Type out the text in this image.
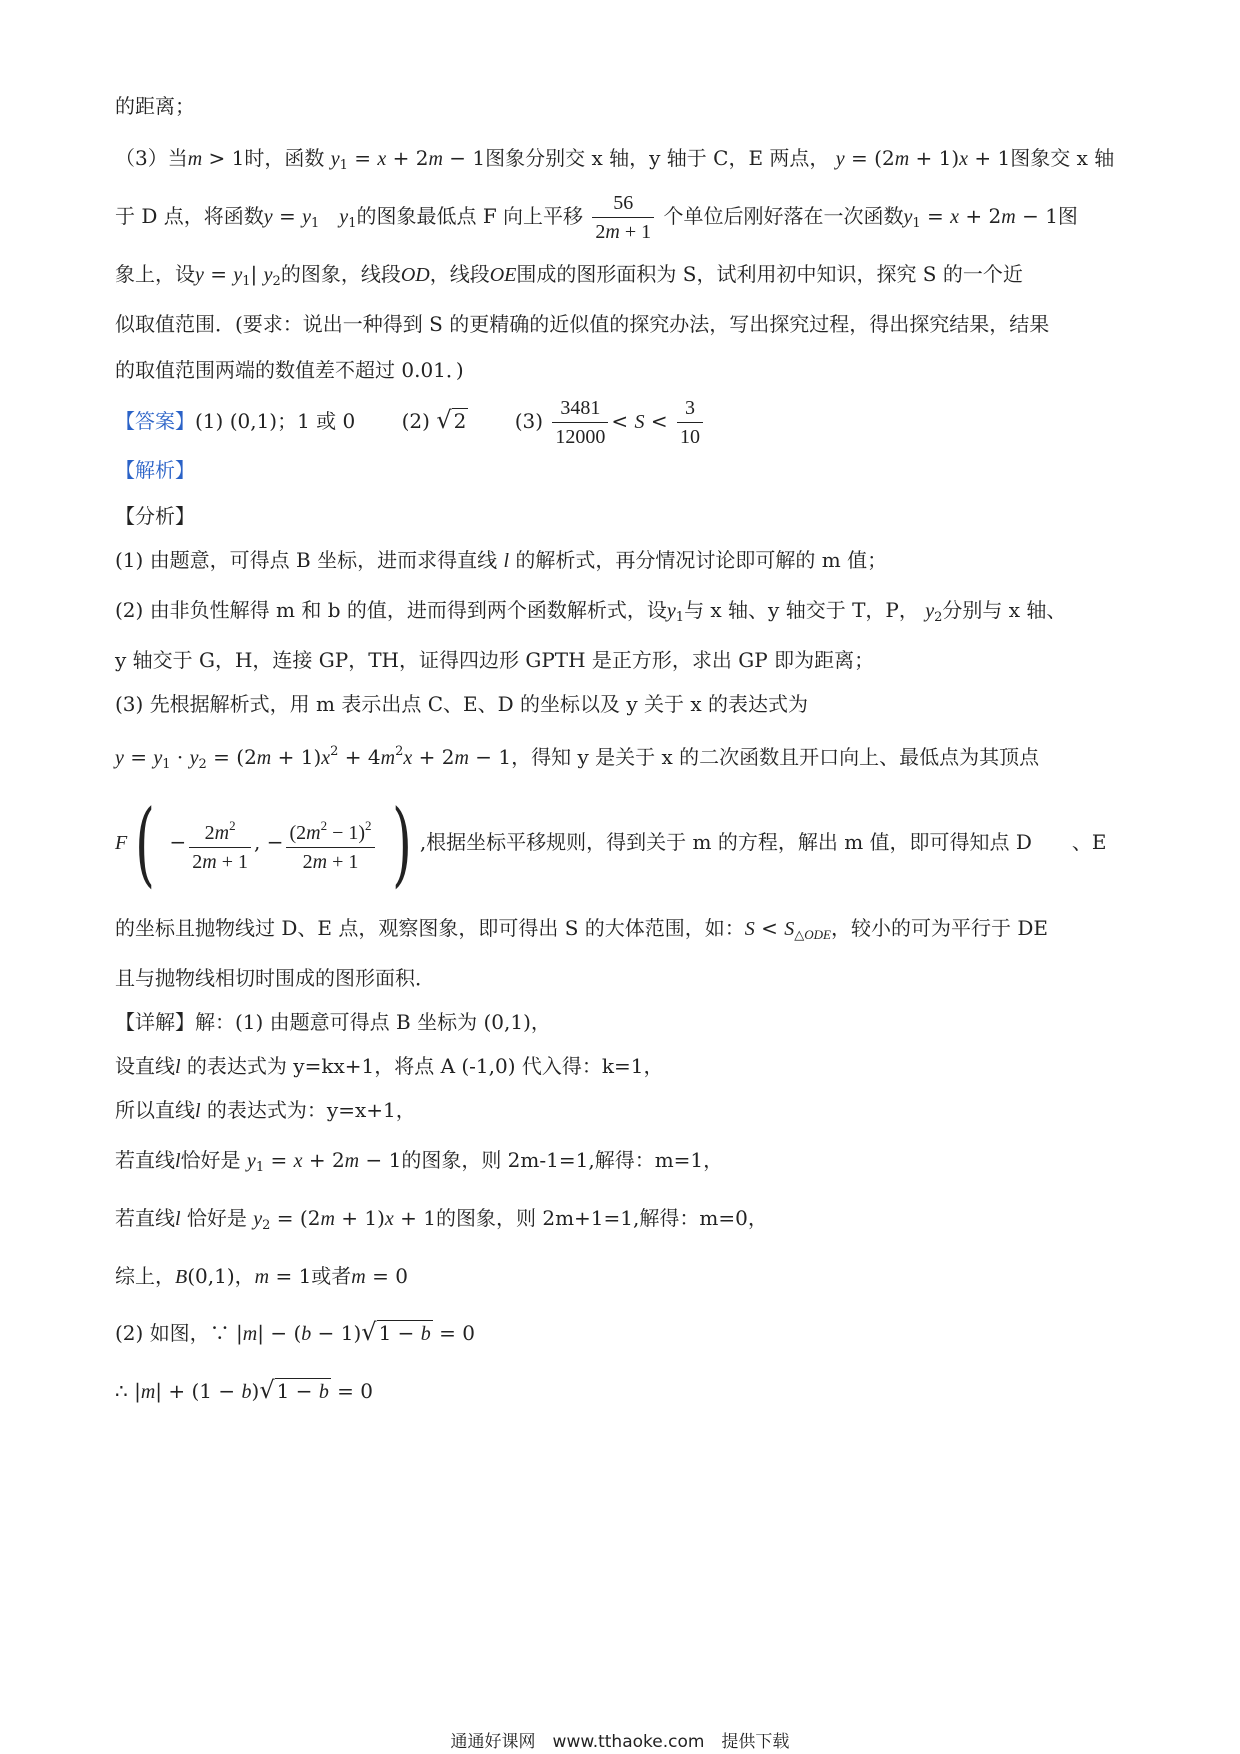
的距离；
（3）当m > 1时，函数 $y_1 = x + 2m - 1$图象分别交 x 轴，y 轴于 C，E 两点， y = (2m + 1)x + 1图象交 x 轴
于 D 点，将函数$y = y_1$　 $y_1$的图象最低点 F 向上平移 $\frac{56}{2m + 1}$ 个单位后刚好落在一次函数$y_1 = x + 2m - 1$图
象上，设$y = y_1|$ $y_2$的图象，线段OD，线段OE围成的图形面积为 S，试利用初中知识，探究 S 的一个近
似取值范围．(要求：说出一种得到 S 的更精确的近似值的探究办法，写出探究过程，得出探究结果，结果
的取值范围两端的数值差不超过 0.01．)
【答案】(1) (0,1)；1 或 0 　　 (2) √ 2 　　 $(3) \frac{3481}{12000} < S < \frac{3}{10}$
【解析】
【分析】
(1) 由题意，可得点 B 坐标，进而求得直线 l 的解析式，再分情况讨论即可解的 m 值；
(2) 由非负性解得 m 和 b 的值，进而得到两个函数解析式，设$y_1$与 x 轴、y 轴交于 T，P， $y_2$分别与 x 轴、
y 轴交于 G，H，连接 GP，TH，证得四边形 GPTH 是正方形，求出 GP 即为距离；
(3) 先根据解析式，用 m 表示出点 C、E、D 的坐标以及 y 关于 x 的表达式为
$y = y_1 \cdot y_2 = (2m + 1)x^2 + 4m^2x + 2m - 1$，得知 y 是关于 x 的二次函数且开口向上、最低点为其顶点
$F( - \frac{2m^2}{2m + 1}$ , − $\frac{(2m^2 - 1)^2}{2m + 1}$ ) ,根据坐标平移规则，得到关于 m 的方程，解出 m 值，即可得知点 D　　、E
的坐标且抛物线过 D、E 点，观察图象，即可得出 S 的大体范围，如：$S < S_{\triangle ODE}$，较小的可为平行于 DE
且与抛物线相切时围成的图形面积．
【详解】解：(1) 由题意可得点 B 坐标为 (0,1)，
设直线l 的表达式为 y=kx+1，将点 A (-1,0) 代入得：k=1，
所以直线l 的表达式为：y=x+1，
若直线l恰好是 $y_1 = x + 2m - 1$的图象，则 2m-1=1,解得：m=1，
若直线l 恰好是 $y_2 = (2m + 1)x + 1$的图象，则 2m+1=1,解得：m=0，
综上，B(0,1)，m = 1或者m = 0
(2) 如图，∵ |m| − (b − 1)√ 1 − b = 0
∴ |m| + (1 − b)√ 1 − b = 0
通通好课网　www.tthaoke.com　提供下载
